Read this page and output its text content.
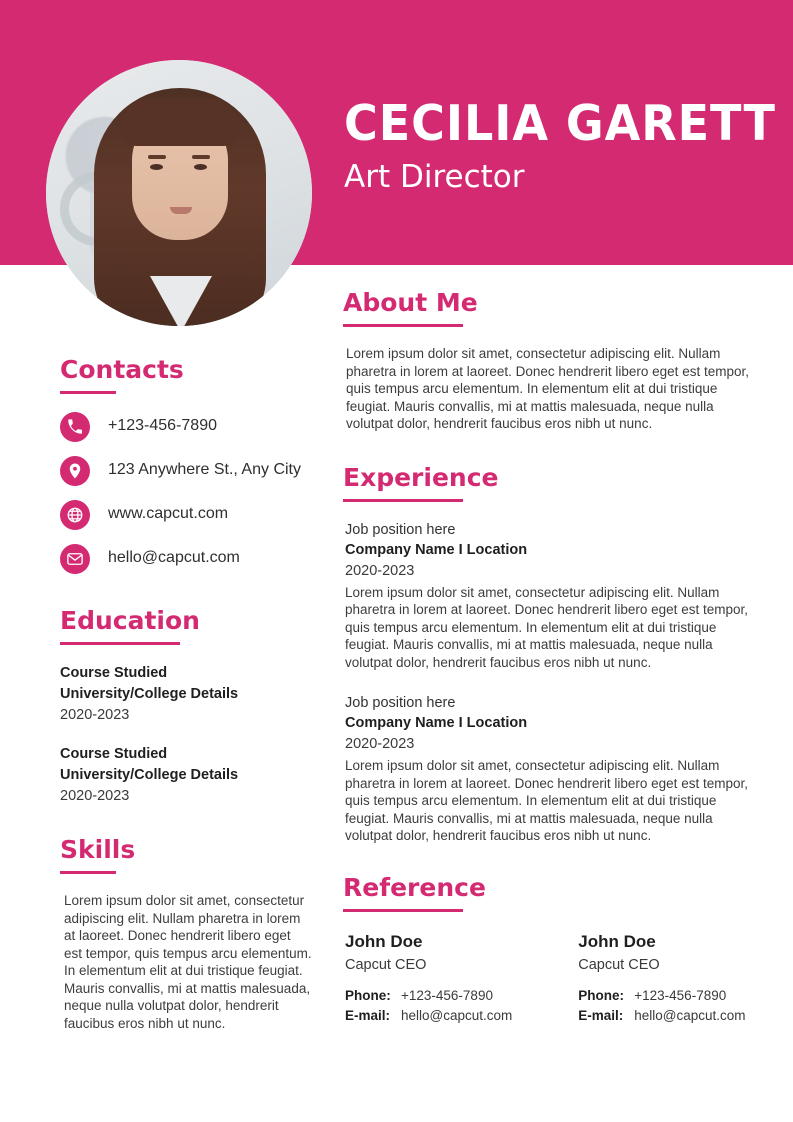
CECILIA GARETT
Art Director
Contacts
+123-456-7890
123 Anywhere St., Any City
www.capcut.com
hello@capcut.com
Education
Course Studied
University/College Details
2020-2023
Course Studied
University/College Details
2020-2023
Skills
Lorem ipsum dolor sit amet, consectetur adipiscing elit. Nullam pharetra in lorem at laoreet. Donec hendrerit libero eget est tempor, quis tempus arcu elementum. In elementum elit at dui tristique feugiat. Mauris convallis, mi at mattis malesuada, neque nulla volutpat dolor, hendrerit faucibus eros nibh ut nunc.
About Me
Lorem ipsum dolor sit amet, consectetur adipiscing elit. Nullam pharetra in lorem at laoreet. Donec hendrerit libero eget est tempor, quis tempus arcu elementum. In elementum elit at dui tristique feugiat. Mauris convallis, mi at mattis malesuada, neque nulla volutpat dolor, hendrerit faucibus eros nibh ut nunc.
Experience
Job position here
Company Name I Location
2020-2023
Lorem ipsum dolor sit amet, consectetur adipiscing elit. Nullam pharetra in lorem at laoreet. Donec hendrerit libero eget est tempor, quis tempus arcu elementum. In elementum elit at dui tristique feugiat. Mauris convallis, mi at mattis malesuada, neque nulla volutpat dolor, hendrerit faucibus eros nibh ut nunc.
Job position here
Company Name I Location
2020-2023
Lorem ipsum dolor sit amet, consectetur adipiscing elit. Nullam pharetra in lorem at laoreet. Donec hendrerit libero eget est tempor, quis tempus arcu elementum. In elementum elit at dui tristique feugiat. Mauris convallis, mi at mattis malesuada, neque nulla volutpat dolor, hendrerit faucibus eros nibh ut nunc.
Reference
John Doe
Capcut CEO
Phone: +123-456-7890
E-mail: hello@capcut.com
John Doe
Capcut CEO
Phone: +123-456-7890
E-mail: hello@capcut.com
